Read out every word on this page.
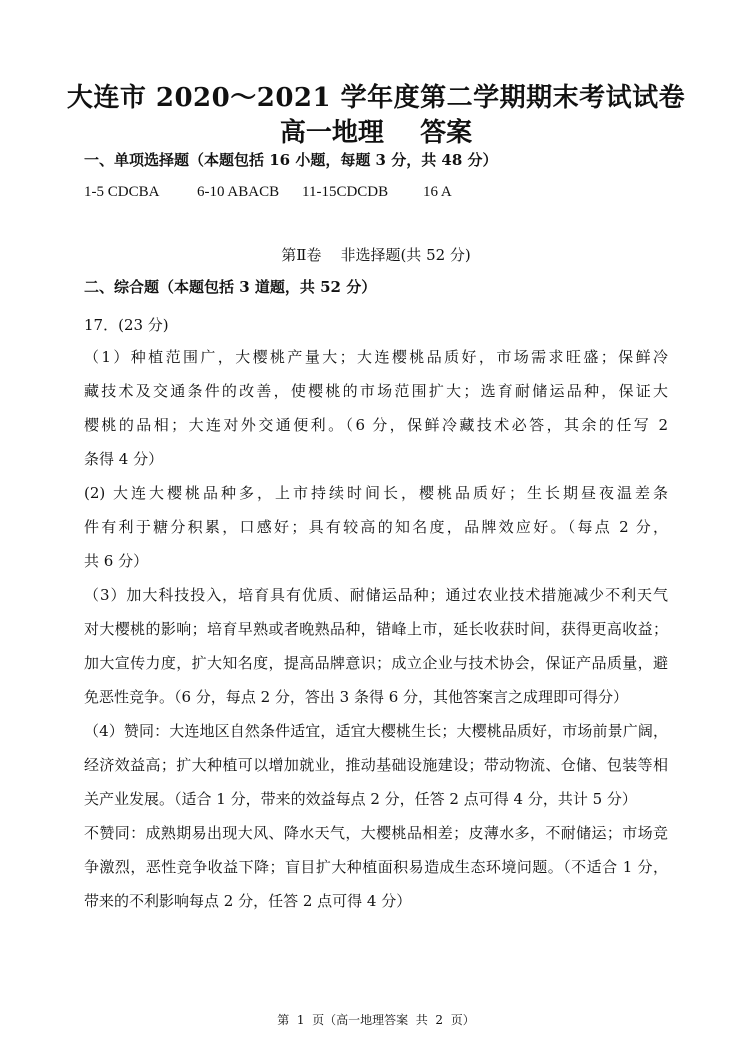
大连市 2020～2021 学年度第二学期期末考试试卷
高一地理    答案
一、单项选择题（本题包括 16 小题，每题 3 分，共 48 分）
1-5 CDCBA	6-10 ABACB 11-15CDCDB 16 A
第Ⅱ卷    非选择题(共 52 分)
二、综合题（本题包括 3 道题，共 52 分）
17．(23 分)
（1）种植范围广，大樱桃产量大；大连樱桃品质好，市场需求旺盛；保鲜冷
藏技术及交通条件的改善，使樱桃的市场范围扩大；选育耐储运品种，保证大
樱桃的品相；大连对外交通便利。（6 分，保鲜冷藏技术必答，其余的任写 2
条得 4 分）
(2) 大连大樱桃品种多，上市持续时间长，樱桃品质好；生长期昼夜温差条
件有利于糖分积累，口感好；具有较高的知名度，品牌效应好。（每点 2 分，
共 6 分）
（3）加大科技投入，培育具有优质、耐储运品种；通过农业技术措施减少不利天气
对大樱桃的影响；培育早熟或者晚熟品种，错峰上市，延长收获时间，获得更高收益；
加大宣传力度，扩大知名度，提高品牌意识；成立企业与技术协会，保证产品质量，避
免恶性竞争。（6 分，每点 2 分，答出 3 条得 6 分，其他答案言之成理即可得分）
（4）赞同：大连地区自然条件适宜，适宜大樱桃生长；大樱桃品质好，市场前景广阔，
经济效益高；扩大种植可以增加就业，推动基础设施建设；带动物流、仓储、包装等相
关产业发展。（适合 1 分，带来的效益每点 2 分，任答 2 点可得 4 分，共计 5 分）
不赞同：成熟期易出现大风、降水天气，大樱桃品相差；皮薄水多，不耐储运；市场竞
争激烈，恶性竞争收益下降；盲目扩大种植面积易造成生态环境问题。（不适合 1 分，
带来的不利影响每点 2 分，任答 2 点可得 4 分）
第  1  页（高一地理答案  共  2  页）
